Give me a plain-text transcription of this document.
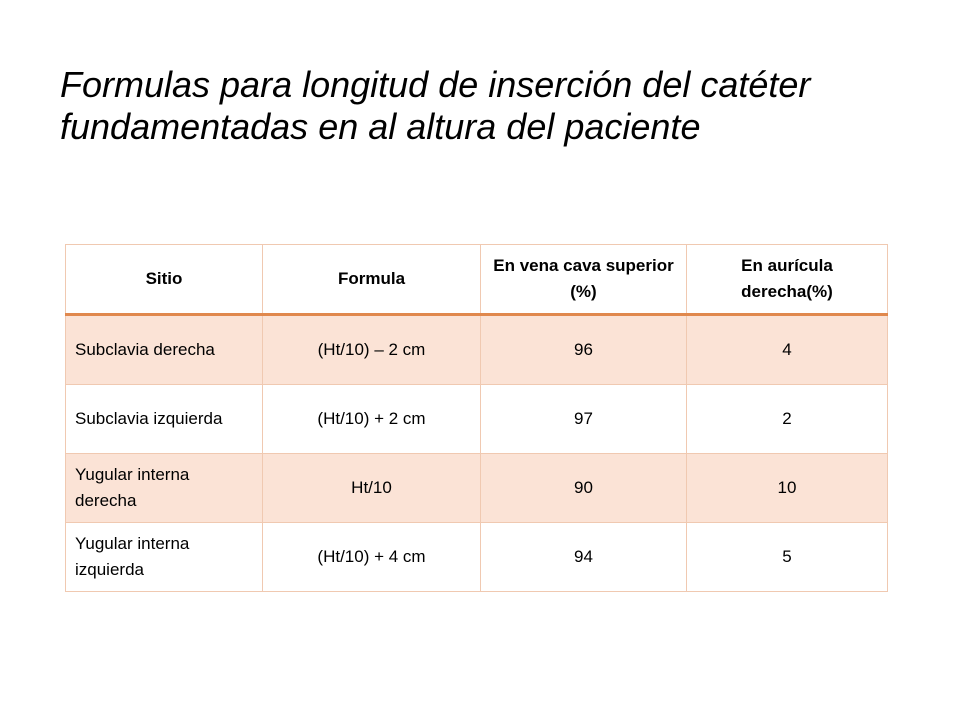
Formulas para longitud de inserción del catéter fundamentadas en al altura del paciente
Sitio	Formula	En vena cava superior (%)	En aurícula derecha(%)
Subclavia derecha	(Ht/10) – 2 cm	96	4
Subclavia izquierda	(Ht/10) + 2 cm	97	2
Yugular interna derecha	Ht/10	90	10
Yugular interna izquierda	(Ht/10) + 4 cm	94	5
